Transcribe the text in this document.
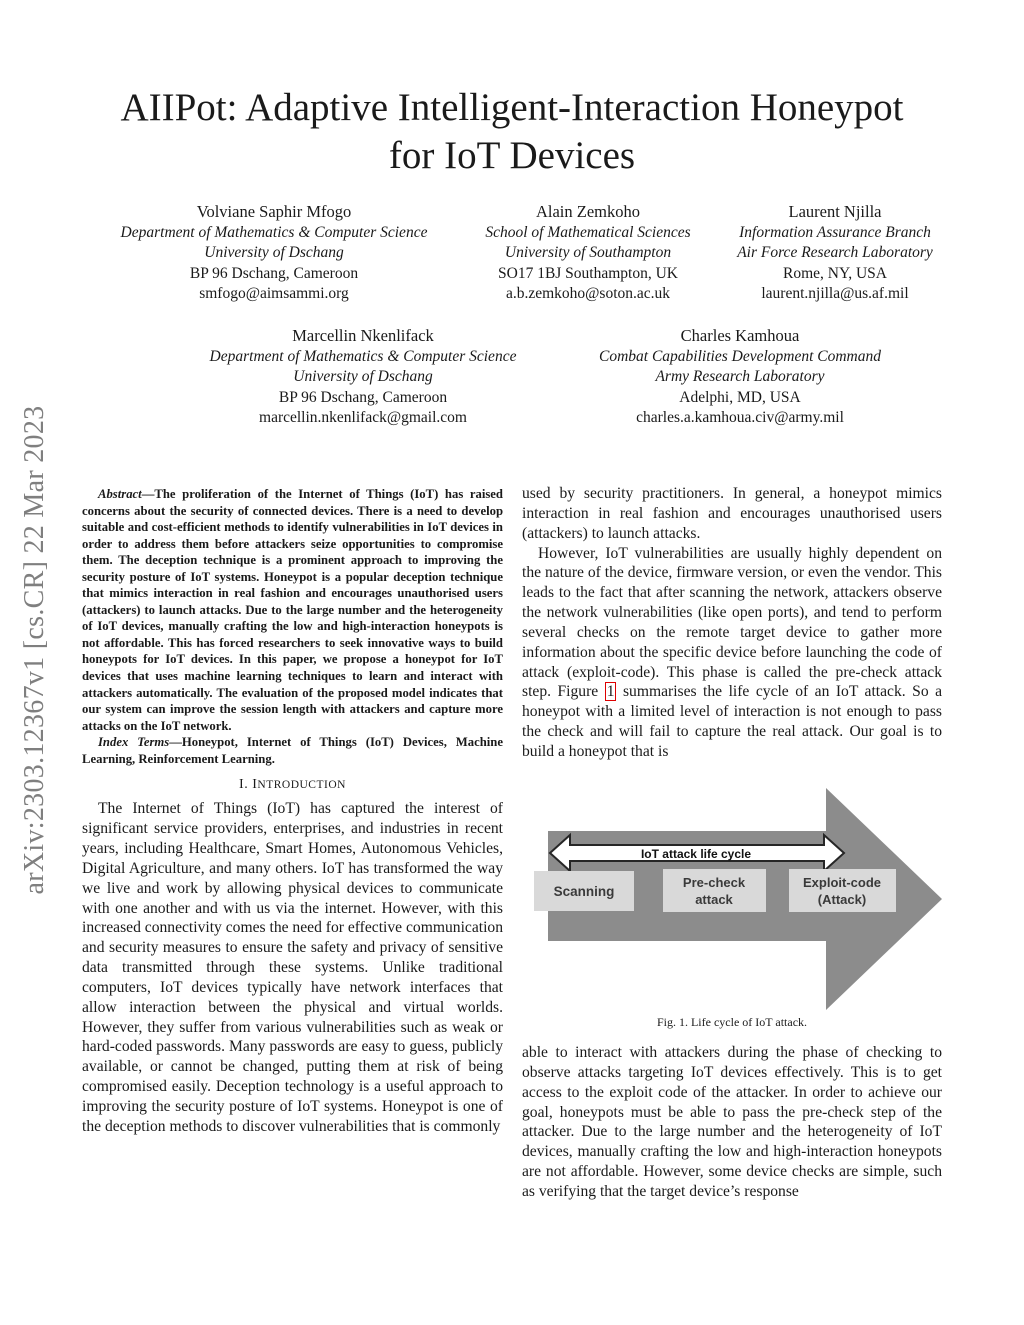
arXiv:2303.12367v1 [cs.CR] 22 Mar 2023
AIIPot: Adaptive Intelligent-Interaction Honeypot
for IoT Devices
Volviane Saphir Mfogo
Department of Mathematics & Computer Science
University of Dschang
BP 96 Dschang, Cameroon
smfogo@aimsammi.org
Alain Zemkoho
School of Mathematical Sciences
University of Southampton
SO17 1BJ Southampton, UK
a.b.zemkoho@soton.ac.uk
Laurent Njilla
Information Assurance Branch
Air Force Research Laboratory
Rome, NY, USA
laurent.njilla@us.af.mil
Marcellin Nkenlifack
Department of Mathematics & Computer Science
University of Dschang
BP 96 Dschang, Cameroon
marcellin.nkenlifack@gmail.com
Charles Kamhoua
Combat Capabilities Development Command
Army Research Laboratory
Adelphi, MD, USA
charles.a.kamhoua.civ@army.mil

Abstract—The proliferation of the Internet of Things (IoT) has raised concerns about the security of connected devices. There is a need to develop suitable and cost-efficient methods to identify vulnerabilities in IoT devices in order to address them before attackers seize opportunities to compromise them. The deception technique is a prominent approach to improving the security posture of IoT systems. Honeypot is a popular deception technique that mimics interaction in real fashion and encourages unauthorised users (attackers) to launch attacks. Due to the large number and the heterogeneity of IoT devices, manually crafting the low and high-interaction honeypots is not affordable. This has forced researchers to seek innovative ways to build honeypots for IoT devices. In this paper, we propose a honeypot for IoT devices that uses machine learning techniques to learn and interact with attackers automatically. The evaluation of the proposed model indicates that our system can improve the session length with attackers and capture more attacks on the IoT network.

Index Terms—Honeypot, Internet of Things (IoT) Devices, Machine Learning, Reinforcement Learning.

I. INTRODUCTION

The Internet of Things (IoT) has captured the interest of significant service providers, enterprises, and industries in recent years, including Healthcare, Smart Homes, Autonomous Vehicles, Digital Agriculture, and many others. IoT has transformed the way we live and work by allowing physical devices to communicate with one another and with us via the internet. However, with this increased connectivity comes the need for effective communication and security measures to ensure the safety and privacy of sensitive data transmitted through these systems. Unlike traditional computers, IoT devices typically have network interfaces that allow interaction between the physical and virtual worlds. However, they suffer from various vulnerabilities such as weak or hard-coded passwords. Many passwords are easy to guess, publicly available, or cannot be changed, putting them at risk of being compromised easily. Deception technology is a useful approach to improving the security posture of IoT systems. Honeypot is one of the deception methods to discover vulnerabilities that is commonly

used by security practitioners. In general, a honeypot mimics interaction in real fashion and encourages unauthorised users (attackers) to launch attacks.

However, IoT vulnerabilities are usually highly dependent on the nature of the device, firmware version, or even the vendor. This leads to the fact that after scanning the network, attackers observe the network vulnerabilities (like open ports), and tend to perform several checks on the remote target device to gather more information about the specific device before launching the code of attack (exploit-code). This phase is called the pre-check attack step. Figure 1 summarises the life cycle of an IoT attack. So a honeypot with a limited level of interaction is not enough to pass the check and will fail to capture the real attack. Our goal is to build a honeypot that is

IoT attack life cycle
Scanning
Pre-check
attack
Exploit-code
(Attack)
Fig. 1. Life cycle of IoT attack.

able to interact with attackers during the phase of checking to observe attacks targeting IoT devices effectively. This is to get access to the exploit code of the attacker. In order to achieve our goal, honeypots must be able to pass the pre-check step of the attacker. Due to the large number and the heterogeneity of IoT devices, manually crafting the low and high-interaction honeypots are not affordable. However, some device checks are simple, such as verifying that the target device’s response
